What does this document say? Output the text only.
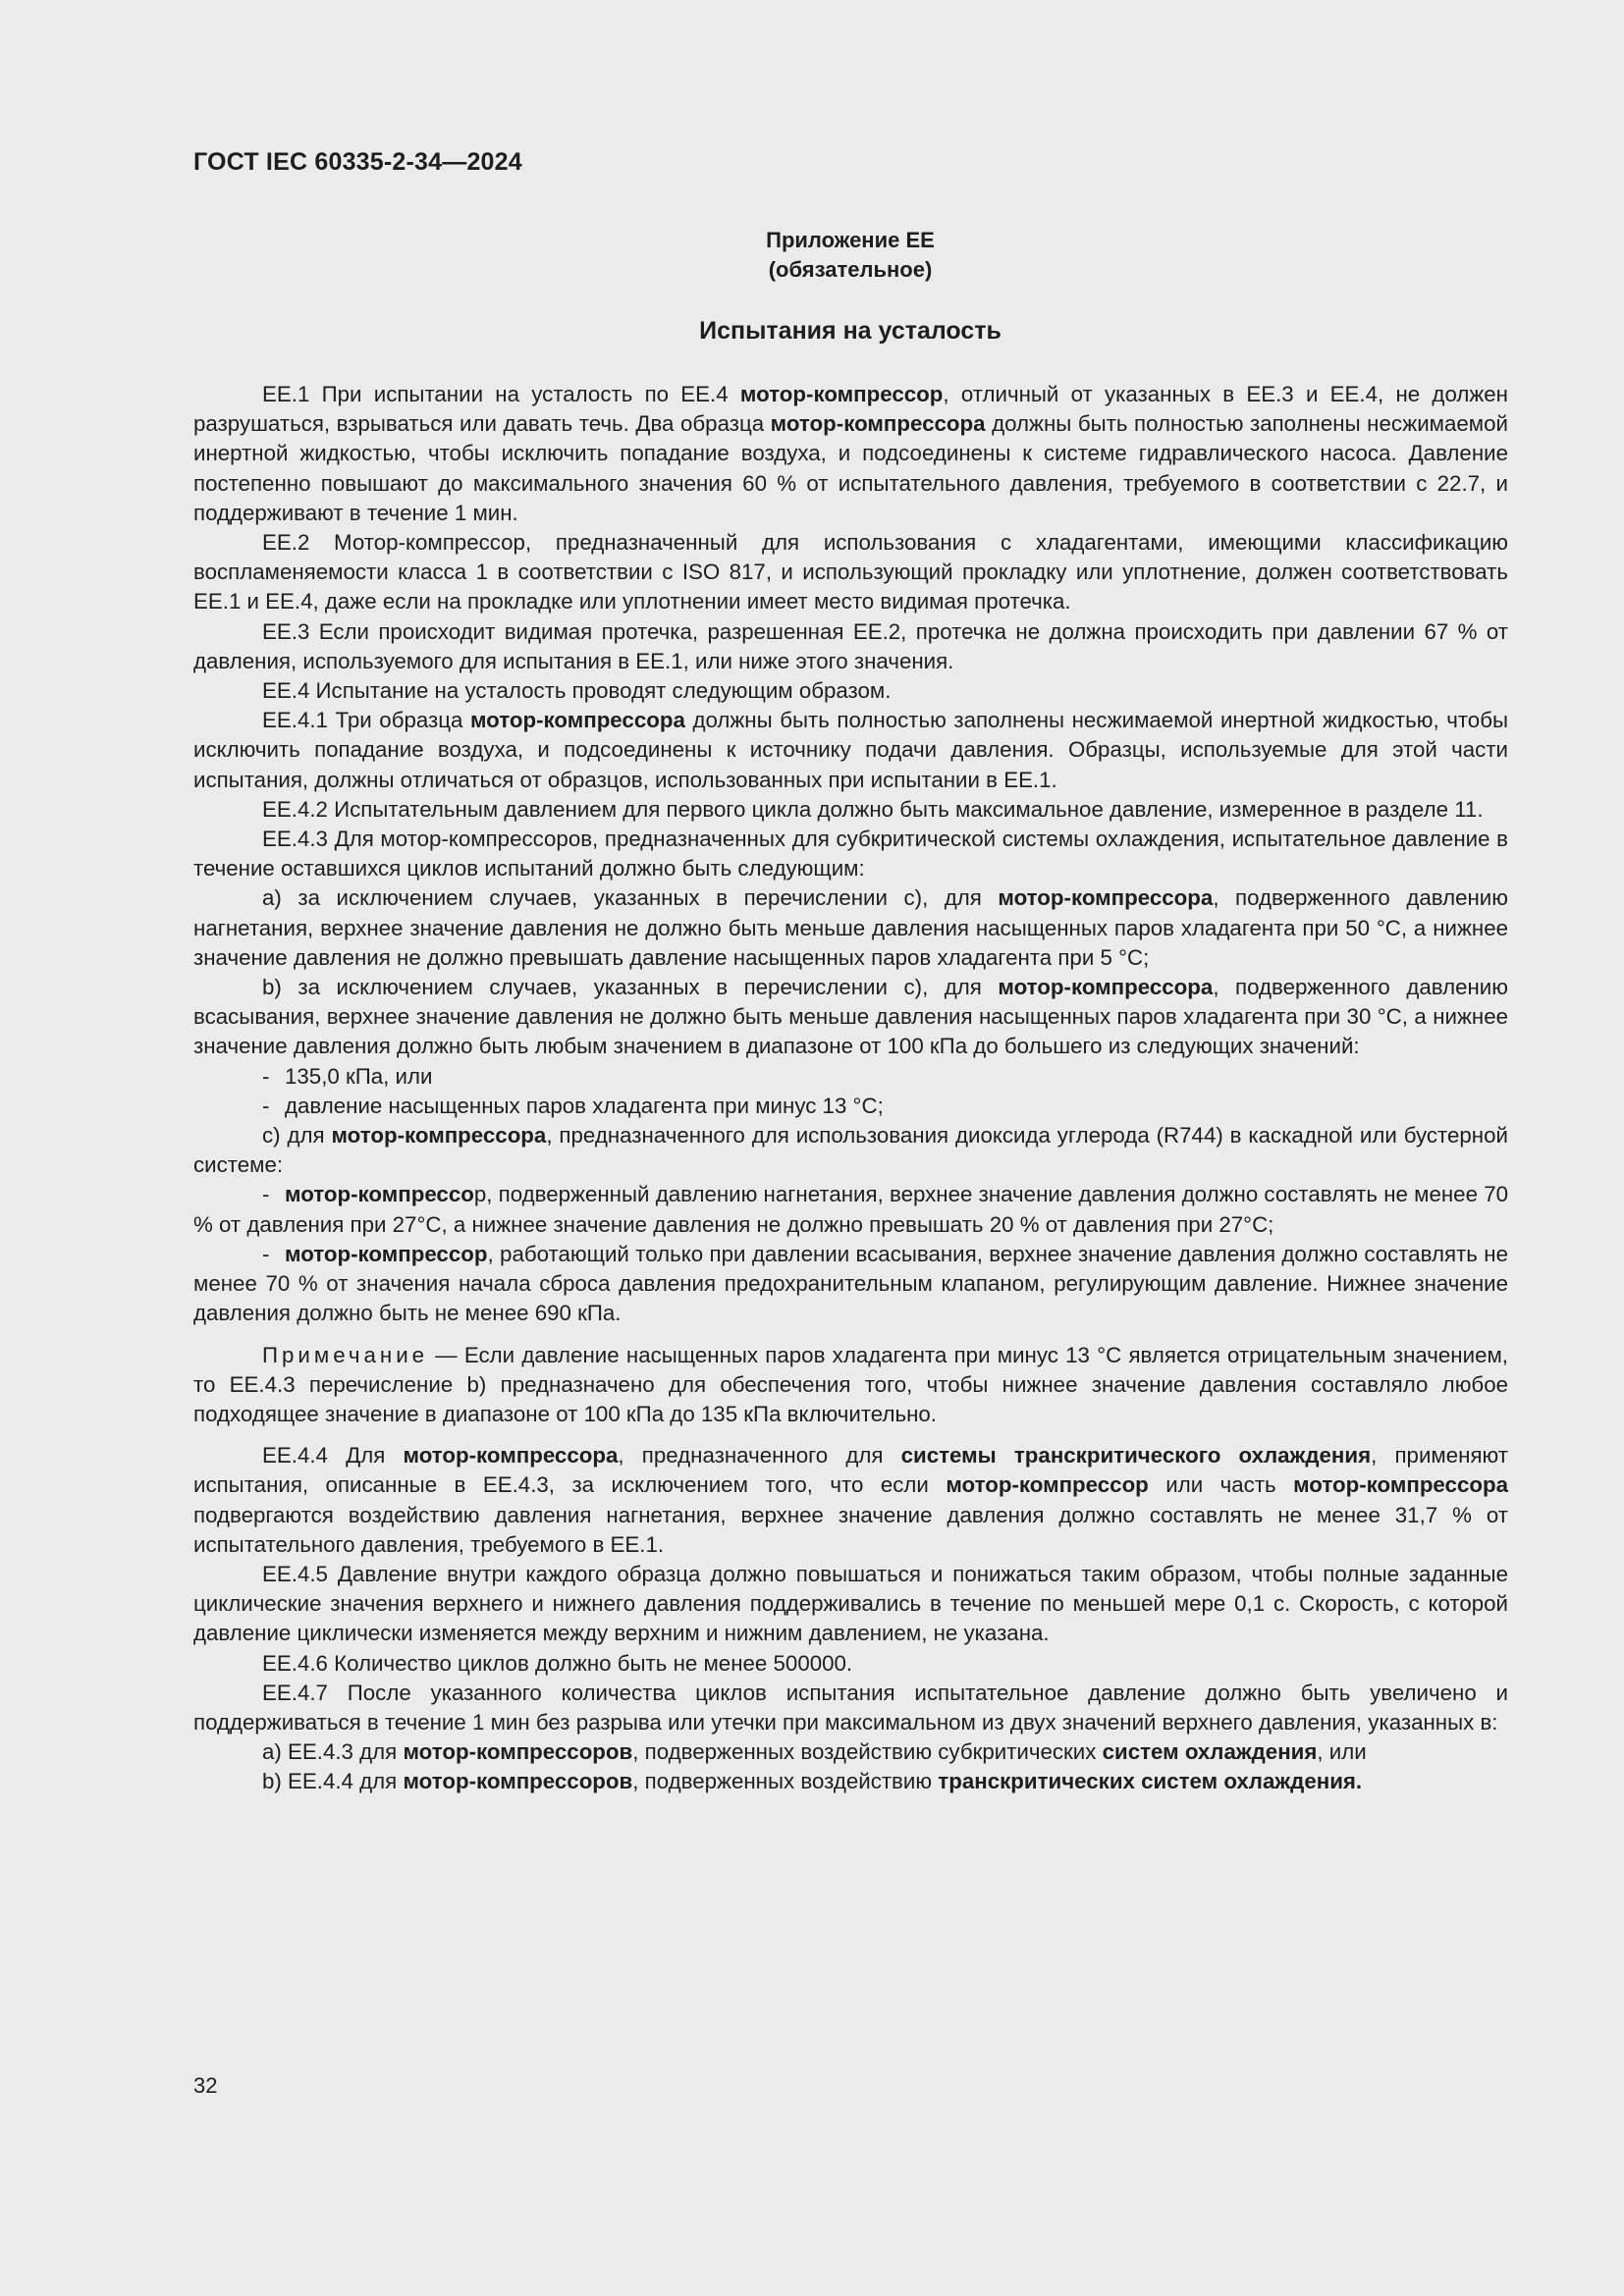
ГОСТ IEC 60335-2-34—2024
Приложение ЕЕ
(обязательное)
Испытания на усталость

ЕЕ.1 При испытании на усталость по ЕЕ.4 мотор-компрессор, отличный от указанных в ЕЕ.3 и ЕЕ.4, не должен разрушаться, взрываться или давать течь. Два образца мотор-компрессора должны быть полностью заполнены несжимаемой инертной жидкостью, чтобы исключить попадание воздуха, и подсоединены к системе гидравлического насоса. Давление постепенно повышают до максимального значения 60 % от испытательного давления, требуемого в соответствии с 22.7, и поддерживают в течение 1 мин.

ЕЕ.2 Мотор-компрессор, предназначенный для использования с хладагентами, имеющими классификацию воспламеняемости класса 1 в соответствии с ISO 817, и использующий прокладку или уплотнение, должен соответствовать ЕЕ.1 и ЕЕ.4, даже если на прокладке или уплотнении имеет место видимая протечка.

ЕЕ.3 Если происходит видимая протечка, разрешенная ЕЕ.2, протечка не должна происходить при давлении 67 % от давления, используемого для испытания в ЕЕ.1, или ниже этого значения.

ЕЕ.4 Испытание на усталость проводят следующим образом.

ЕЕ.4.1 Три образца мотор-компрессора должны быть полностью заполнены несжимаемой инертной жидкостью, чтобы исключить попадание воздуха, и подсоединены к источнику подачи давления. Образцы, используемые для этой части испытания, должны отличаться от образцов, использованных при испытании в ЕЕ.1.

ЕЕ.4.2 Испытательным давлением для первого цикла должно быть максимальное давление, измеренное в разделе 11.

ЕЕ.4.3 Для мотор-компрессоров, предназначенных для субкритической системы охлаждения, испытательное давление в течение оставшихся циклов испытаний должно быть следующим:

a) за исключением случаев, указанных в перечислении c), для мотор-компрессора, подверженного давлению нагнетания, верхнее значение давления не должно быть меньше давления насыщенных паров хладагента при 50 °С, а нижнее значение давления не должно превышать давление насыщенных паров хладагента при 5 °С;

b) за исключением случаев, указанных в перечислении c), для мотор-компрессора, подверженного давлению всасывания, верхнее значение давления не должно быть меньше давления насыщенных паров хладагента при 30 °С, а нижнее значение давления должно быть любым значением в диапазоне от 100 кПа до большего из следующих значений:

- 135,0 кПа, или

- давление насыщенных паров хладагента при минус 13 °С;

c) для мотор-компрессора, предназначенного для использования диоксида углерода (R744) в каскадной или бустерной системе:

- мотор-компрессор, подверженный давлению нагнетания, верхнее значение давления должно составлять не менее 70 % от давления при 27°С, а нижнее значение давления не должно превышать 20 % от давления при 27°С;

- мотор-компрессор, работающий только при давлении всасывания, верхнее значение давления должно составлять не менее 70 % от значения начала сброса давления предохранительным клапаном, регулирующим давление. Нижнее значение давления должно быть не менее 690 кПа.

Примечание — Если давление насыщенных паров хладагента при минус 13 °С является отрицательным значением, то ЕЕ.4.3 перечисление b) предназначено для обеспечения того, чтобы нижнее значение давления составляло любое подходящее значение в диапазоне от 100 кПа до 135 кПа включительно.

ЕЕ.4.4 Для мотор-компрессора, предназначенного для системы транскритического охлаждения, применяют испытания, описанные в ЕЕ.4.3, за исключением того, что если мотор-компрессор или часть мотор-компрессора подвергаются воздействию давления нагнетания, верхнее значение давления должно составлять не менее 31,7 % от испытательного давления, требуемого в ЕЕ.1.

ЕЕ.4.5 Давление внутри каждого образца должно повышаться и понижаться таким образом, чтобы полные заданные циклические значения верхнего и нижнего давления поддерживались в течение по меньшей мере 0,1 с. Скорость, с которой давление циклически изменяется между верхним и нижним давлением, не указана.

ЕЕ.4.6 Количество циклов должно быть не менее 500000.

ЕЕ.4.7 После указанного количества циклов испытания испытательное давление должно быть увеличено и поддерживаться в течение 1 мин без разрыва или утечки при максимальном из двух значений верхнего давления, указанных в:

a) ЕЕ.4.3 для мотор-компрессоров, подверженных воздействию субкритических систем охлаждения, или

b) ЕЕ.4.4 для мотор-компрессоров, подверженных воздействию транскритических систем охлаждения.

32
